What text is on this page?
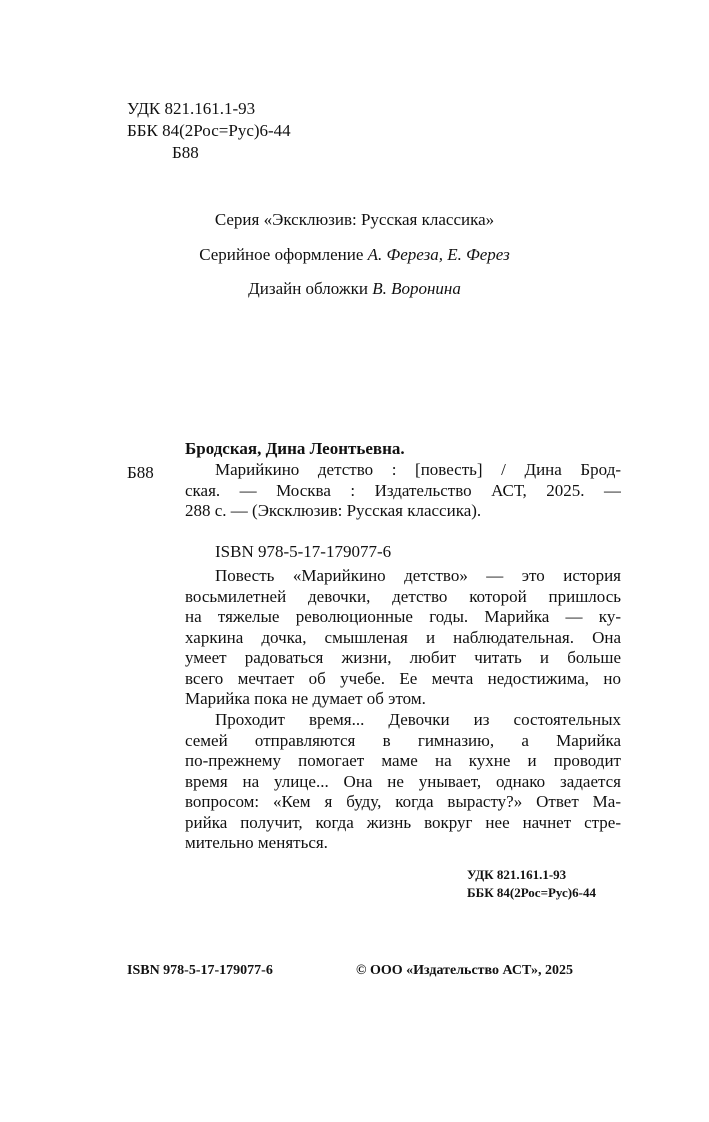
УДК 821.161.1-93
ББК 84(2Рос=Рус)6-44
Б88
Серия «Эксклюзив: Русская классика»
Серийное оформление А. Фереза, Е. Ферез
Дизайн обложки В. Воронина
Бродская, Дина Леонтьевна.
Б88	Марийкино детство : [повесть] / Дина Брод-
ская. — Москва : Издательство АСТ, 2025. —
288 с. — (Эксклюзив: Русская классика).
ISBN 978-5-17-179077-6
Повесть «Марийкино детство» — это история
восьмилетней девочки, детство которой пришлось
на тяжелые революционные годы. Марийка — ку-
харкина дочка, смышленая и наблюдательная. Она
умеет радоваться жизни, любит читать и больше
всего мечтает об учебе. Ее мечта недостижима, но
Марийка пока не думает об этом.
Проходит время... Девочки из состоятельных
семей отправляются в гимназию, а Марийка
по-прежнему помогает маме на кухне и проводит
время на улице... Она не унывает, однако задается
вопросом: «Кем я буду, когда вырасту?» Ответ Ма-
рийка получит, когда жизнь вокруг нее начнет стре-
мительно меняться.
УДК 821.161.1-93
ББК 84(2Рос=Рус)6-44
ISBN 978-5-17-179077-6	© ООО «Издательство АСТ», 2025
